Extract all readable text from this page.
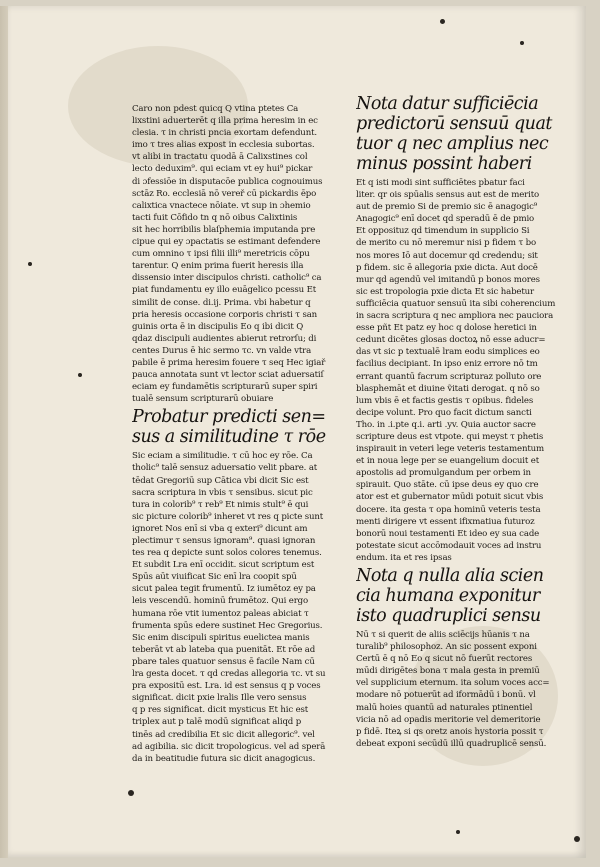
Caro non pdest quicq Q vtina ptetes Ca
lixstini aduerterēt q illa prima heresim in ec
clesia. τ in christi pncia exortam defendunt.
imo τ tres alias expost in ecclesia subortas.
vt alibi in tractatu quodā ā Calixstines col
lecto deduxim⁹. qui eciam vt ey hui⁹ pickar
di ɔfessiōe in disputacōe publica cognouimus
sctāz Ro. ecclesiā nō vereř cū pickardis ēpo
calixtica vnactece nōiate. vt sup in ɔhemio
tacti fuit Cōfido tn q nō oibus Calixtinis
sit hec horribilis blaſphemia imputanda pre
cipue qui ey ɔpactatis se estimant defendere
cum omnino τ ipsi filii illi⁹ meretricis cōpu
tarentur. Q enim prima fuerit heresis illa
dissensio inter discipulos christi. catholic⁹ ca
piat fundamentu ey illo euāgelico pcessu Et
similit de conse. di.ij. Prima. vbi habetur q
pria heresis occasione corporis christi τ san
guinis orta ē in discipulis Eo q ibi dicit Q
qdaz discipuli audientes abierut retrorſu; di
centes Durus ē hic sermo τc. vn valde vtra
pabile ē prima heresim fouere τ seq Hec igiař
pauca annotata sunt vt lector sciat aduersatiſ
eciam ey fundamētis scripturarū super spiri
tualē sensum scripturarū obuiare
Probatur predicti sen=
sus a similitudine τ rōe
Sic eciam a similitudie. τ cū hoc ey rōe. Ca
tholic⁹ talē sensuz aduersatio velit pbare. at
tēdat Gregoriū sup Cātica vbi dicit Sic est
sacra scriptura in vbis τ sensibus. sicut pic
tura in colorib⁹ τ reb⁹ Et nimis stult⁹ ē qui
sic picture colorib⁹ inheret vt res q picte sunt
ignoret Nos enī si vba q exteri⁹ dicunt am
plectimur τ sensus ignoram⁹. quasi ignoran
tes rea q depicte sunt solos colores tenemus.
Et subdit Lra enī occidit. sicut scriptum est
Spūs aūt viuificat Sic enī lra coopit spū
sicut palea tegit frumentū. Iz iumētoz ey pa
leis vescendū. hominū frumētoz. Qui ergo
humana rōe vtit iumentoz paleas abiciat τ
frumenta spūs edere sustinet Hec Gregorius.
Sic enim discipuli spiritus euelictea manis
teberāt vt ab lateba qua puenitāt. Et rōe ad
pbare tales quatuor sensus ē facile Nam cū
lra gesta docet. τ qd credas allegoria τc. vt su
pra expositū est. Lra. id est sensus q p voces
significat. dicit pxie lralis Ille vero sensus
q p res significat. dicit mysticus Et hic est
triplex aut p talē modū significat aliqd p
tinēs ad credibilia Et sic dicit allegoric⁹. vel
ad agibilia. sic dicit tropologicus. vel ad sperā
da in beatitudie futura sic dicit anagogicus.
Nota datur sufficiēcia
predictorū sensuū quat
tuor q nec amplius nec
minus possint haberi
Et q isti modi sint sufficiētes pbatur faci
liter. qr ois spūalis sensus aut est de merito
aut de premio Si de premio sic ē anagogic⁹
Anagogic⁹ enī docet qd speradū ē de pmio
Et opposituz qd timendum in supplicio Si
de merito cu nō meremur nisi p fidem τ bo
nos mores Iō aut docemur qd credendu; sit
p fidem. sic ē allegoria pxie dicta. Aut docē
mur qd agendū vel imitandū p bonos mores
sic est tropologia pxie dicta Et sic habetur
sufficiēcia quatuor sensuū ita sibi coherencium
in sacra scriptura q nec ampliora nec pauciora
esse pñt Et patz ey hoc q dolose heretici in
cedunt dicētes glosas doctoꝝ nō esse aducr=
das vt sic p textualē lram eodu simplices eo
facilius decipiant. In ipso eniz errore nō tm
errant quantū facrum scripturaz polluto ore
blasphemāt et diuine ṽitati derogat. q nō so
lum vbis ē et factis gestis τ opibus. fideles
decipe volunt. Pro quo facit dictum sancti
Tho. in .i.pte q.i. arti .yv. Quia auctor sacre
scripture deus est vtpote. qui meyst τ phetis
inspirauit in veteri lege veteris testamentum
et in noua lege per se euangelium docuit et
apostolis ad promulgandum per orbem in
spirauit. Quo stāte. cū ipse deus ey quo cre
ator est et gubernator mūdi potuit sicut vbis
docere. ita gesta τ opa hominū veteris testa
menti dirigere vt essent ifixmatiua futuroz
bonorū noui testamenti Et ideo ey sua cade
potestate sicut accōmodauit voces ad instru
endum. ita et res ipsas
Nota q nulla alia scien
cia humana exponitur
isto quadruplici sensu
Nū τ si querit de aliis sciēcijs hūanis τ na
turalib⁹ philosophoz. An sic possent exponi
Certū ē q nō Eo q sicut nō fuerūt rectores
mūdi dirigētes bona τ mala gesta in premiū
vel supplicium eternum. ita solum voces acc=
modare nō potuerūt ad iformādū i bonū. vl
malū hoies quantū ad naturales ptinentiel
vicia nō ad opadis meritorie vel demeritorie
p fidē. Iteꝝ si qs oretz anois hystoria possit τ
debeat exponi secūdū illū quadruplicē sensū.
